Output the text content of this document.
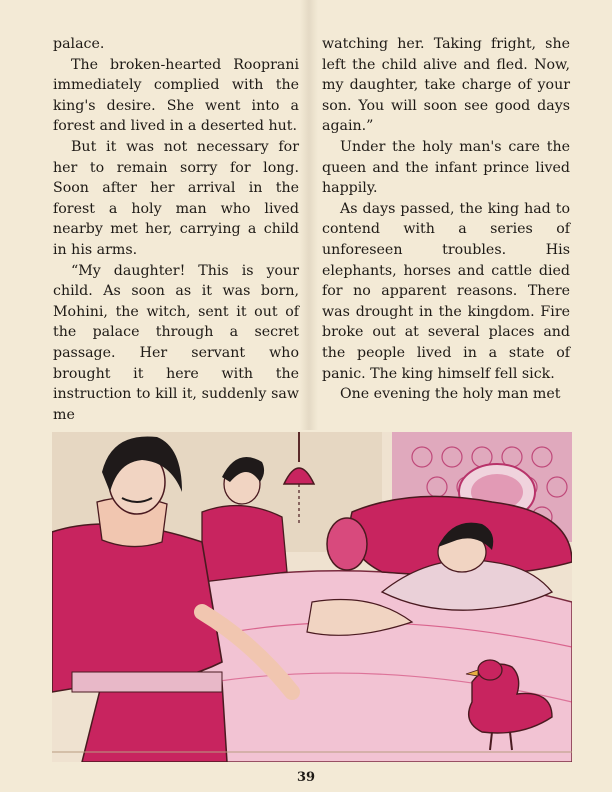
palace.

The broken-hearted Rooprani immediately complied with the king's desire. She went into a forest and lived in a deserted hut.

But it was not necessary for her to remain sorry for long. Soon after her arrival in the forest a holy man who lived nearby met her, carrying a child in his arms.

“My daughter! This is your child. As soon as it was born, Mohini, the witch, sent it out of the palace through a secret passage. Her servant who brought it here with the instruction to kill it, suddenly saw me

watching her. Taking fright, she left the child alive and fled. Now, my daughter, take charge of your son. You will soon see good days again.”

Under the holy man's care the queen and the infant prince lived happily.

As days passed, the king had to contend with a series of unforeseen troubles. His elephants, horses and cattle died for no apparent reasons. There was drought in the kingdom. Fire broke out at several places and the people lived in a state of panic. The king himself fell sick.

One evening the holy man met

39
